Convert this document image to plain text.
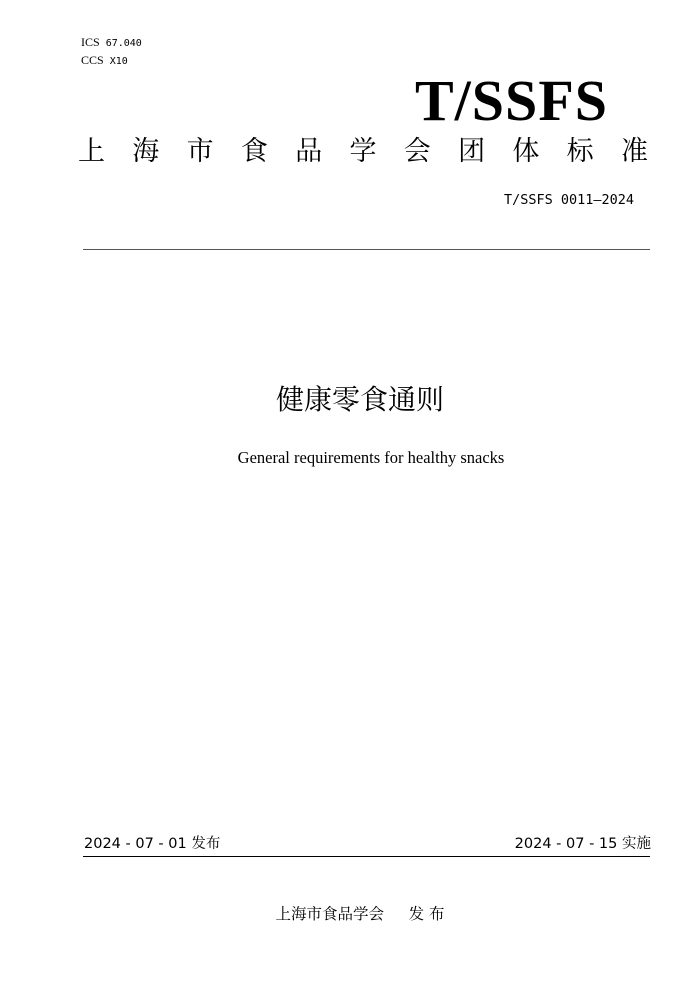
ICS 67.040
CCS X10
T/SSFS
上 海 市 食 品 学 会 团 体 标 准
T/SSFS 0011—2024
健康零食通则
General requirements for healthy snacks
2024 - 07 - 01 发布	2024 - 07 - 15 实施
上海市食品学会     发 布
